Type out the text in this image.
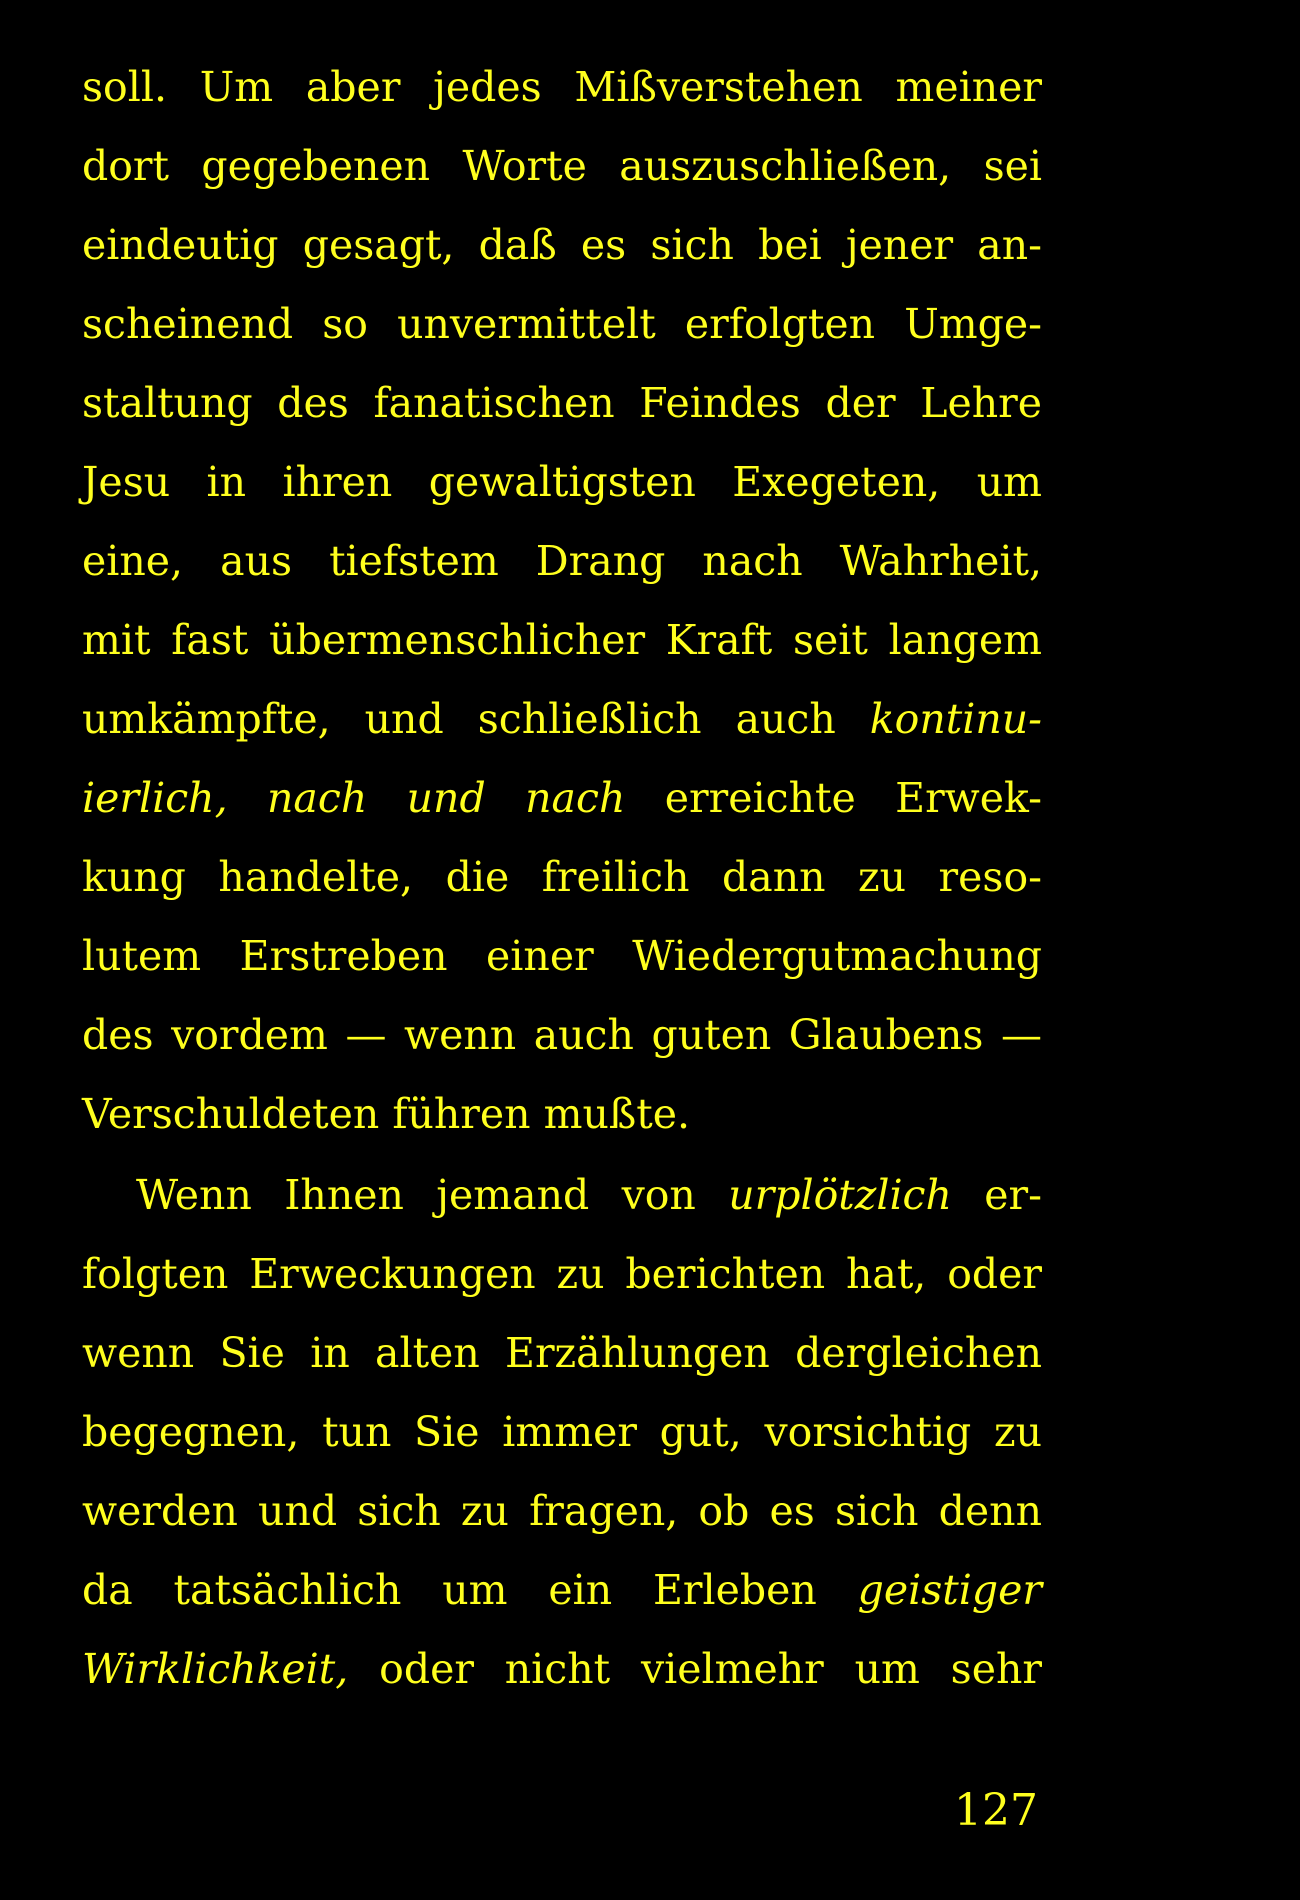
soll. Um aber jedes Mißverstehen meiner
dort gegebenen Worte auszuschließen, sei
eindeutig gesagt, daß es sich bei jener an-
scheinend so unvermittelt erfolgten Umge-
staltung des fanatischen Feindes der Lehre
Jesu in ihren gewaltigsten Exegeten, um
eine, aus tiefstem Drang nach Wahrheit,
mit fast übermenschlicher Kraft seit langem
umkämpfte, und schließlich auch kontinu-
ierlich, nach und nach erreichte Erwek-
kung handelte, die freilich dann zu reso-
lutem Erstreben einer Wiedergutmachung
des vordem — wenn auch guten Glaubens —
Verschuldeten führen mußte.
Wenn Ihnen jemand von urplötzlich er-
folgten Erweckungen zu berichten hat, oder
wenn Sie in alten Erzählungen dergleichen
begegnen, tun Sie immer gut, vorsichtig zu
werden und sich zu fragen, ob es sich denn
da tatsächlich um ein Erleben geistiger
Wirklichkeit, oder nicht vielmehr um sehr
127
